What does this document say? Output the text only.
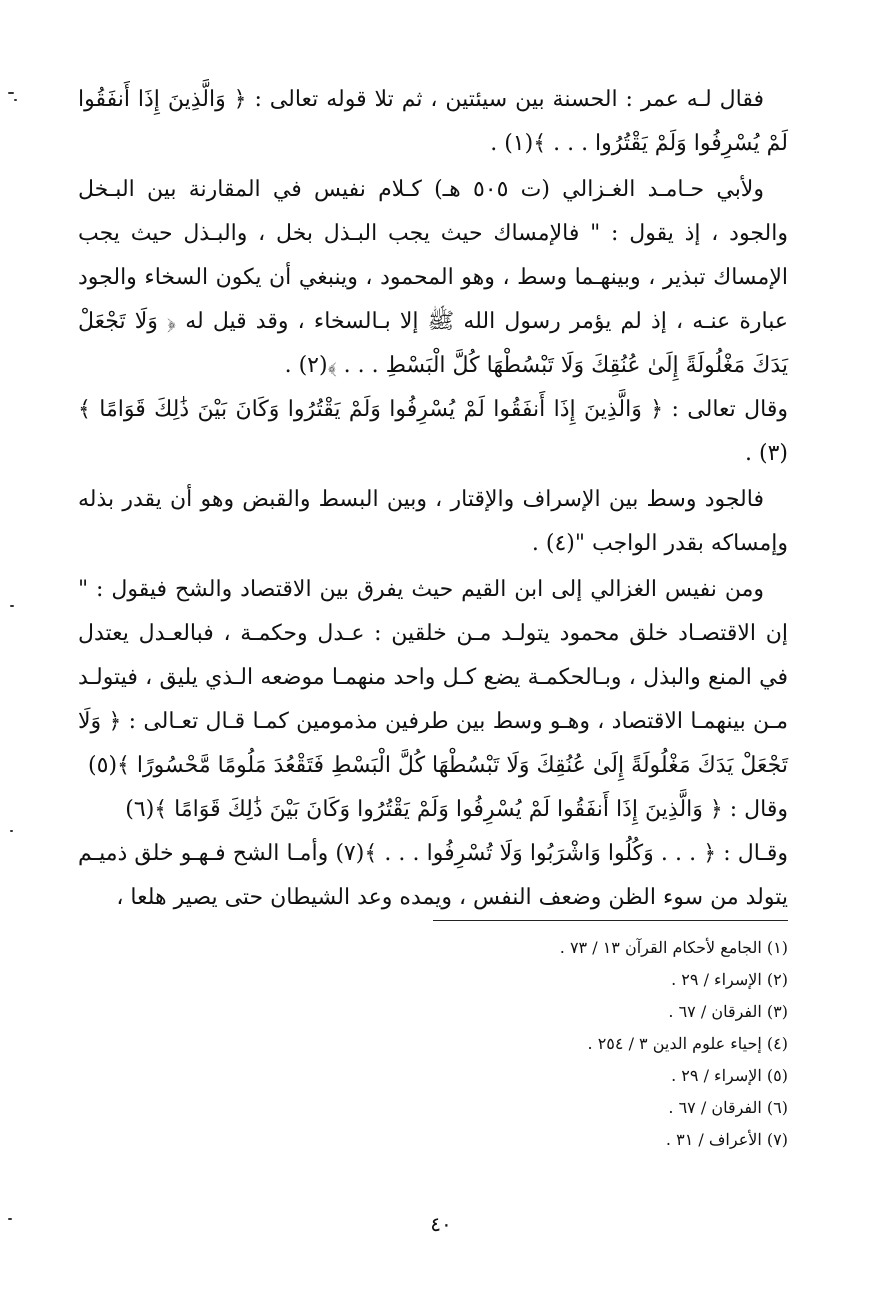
فقال لـه عمر : الحسنة بين سيئتين ، ثم تلا قوله تعالى : ﴿ وَالَّذِينَ إِذَا أَنفَقُوا لَمْ يُسْرِفُوا وَلَمْ يَقْتُرُوا . . . ﴾(١) .

ولأبي حـامـد الغـزالي (ت ٥٠٥ هـ) كـلام نفيس في المقارنة بين البـخل والجود ، إذ يقول : " فالإمساك حيث يجب البـذل بخل ، والبـذل حيث يجب الإمساك تبذير ، وبينهـما وسط ، وهو المحمود ، وينبغي أن يكون السخاء والجود عبارة عنـه ، إذ لم يؤمر رسول الله ﷺ إلا بـالسخاء ، وقد قيل له ﴿ وَلَا تَجْعَلْ يَدَكَ مَغْلُولَةً إِلَىٰ عُنُقِكَ وَلَا تَبْسُطْهَا كُلَّ الْبَسْطِ . . . ﴾(٢) .

وقال تعالى : ﴿ وَالَّذِينَ إِذَا أَنفَقُوا لَمْ يُسْرِفُوا وَلَمْ يَقْتُرُوا وَكَانَ بَيْنَ ذَٰلِكَ قَوَامًا ﴾(٣) .

فالجود وسط بين الإسراف والإقتار ، وبين البسط والقبض وهو أن يقدر بذله وإمساكه بقدر الواجب "(٤) .

ومن نفيس الغزالي إلى ابن القيم حيث يفرق بين الاقتصاد والشح فيقول : " إن الاقتصـاد خلق محمود يتولـد مـن خلقين : عـدل وحكمـة ، فبالعـدل يعتدل في المنع والبذل ، وبـالحكمـة يضع كـل واحد منهمـا موضعه الـذي يليق ، فيتولـد مـن بينهمـا الاقتصاد ، وهـو وسط بين طرفين مذمومين كمـا قـال تعـالى : ﴿ وَلَا تَجْعَلْ يَدَكَ مَغْلُولَةً إِلَىٰ عُنُقِكَ وَلَا تَبْسُطْهَا كُلَّ الْبَسْطِ فَتَقْعُدَ مَلُومًا مَّحْسُورًا ﴾(٥)

وقال : ﴿ وَالَّذِينَ إِذَا أَنفَقُوا لَمْ يُسْرِفُوا وَلَمْ يَقْتُرُوا وَكَانَ بَيْنَ ذَٰلِكَ قَوَامًا ﴾(٦)

وقـال : ﴿ . . . وَكُلُوا وَاشْرَبُوا وَلَا تُسْرِفُوا . . . ﴾(٧) وأمـا الشح فـهـو خلق ذميـم يتولد من سوء الظن وضعف النفس ، ويمده وعد الشيطان حتى يصير هلعا ،

(١) الجامع لأحكام القرآن ١٣ / ٧٣ .
(٢) الإسراء / ٢٩ .
(٣) الفرقان / ٦٧ .
(٤) إحياء علوم الدين ٣ / ٢٥٤ .
(٥) الإسراء / ٢٩ .
(٦) الفرقان / ٦٧ .
(٧) الأعراف / ٣١ .
٤٠
